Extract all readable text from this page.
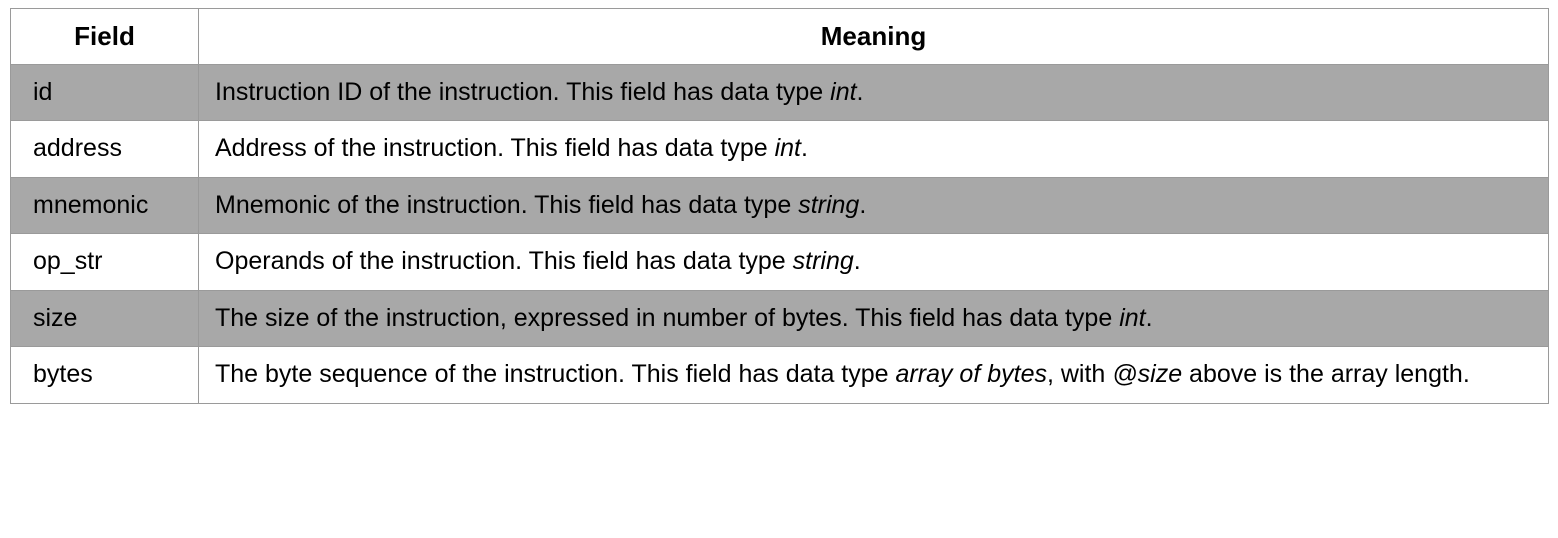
Field	Meaning
id	Instruction ID of the instruction. This field has data type int.
address	Address of the instruction. This field has data type int.
mnemonic	Mnemonic of the instruction. This field has data type string.
op_str	Operands of the instruction. This field has data type string.
size	The size of the instruction, expressed in number of bytes. This field has data type int.
bytes	The byte sequence of the instruction. This field has data type array of bytes, with @size above is the array length.
